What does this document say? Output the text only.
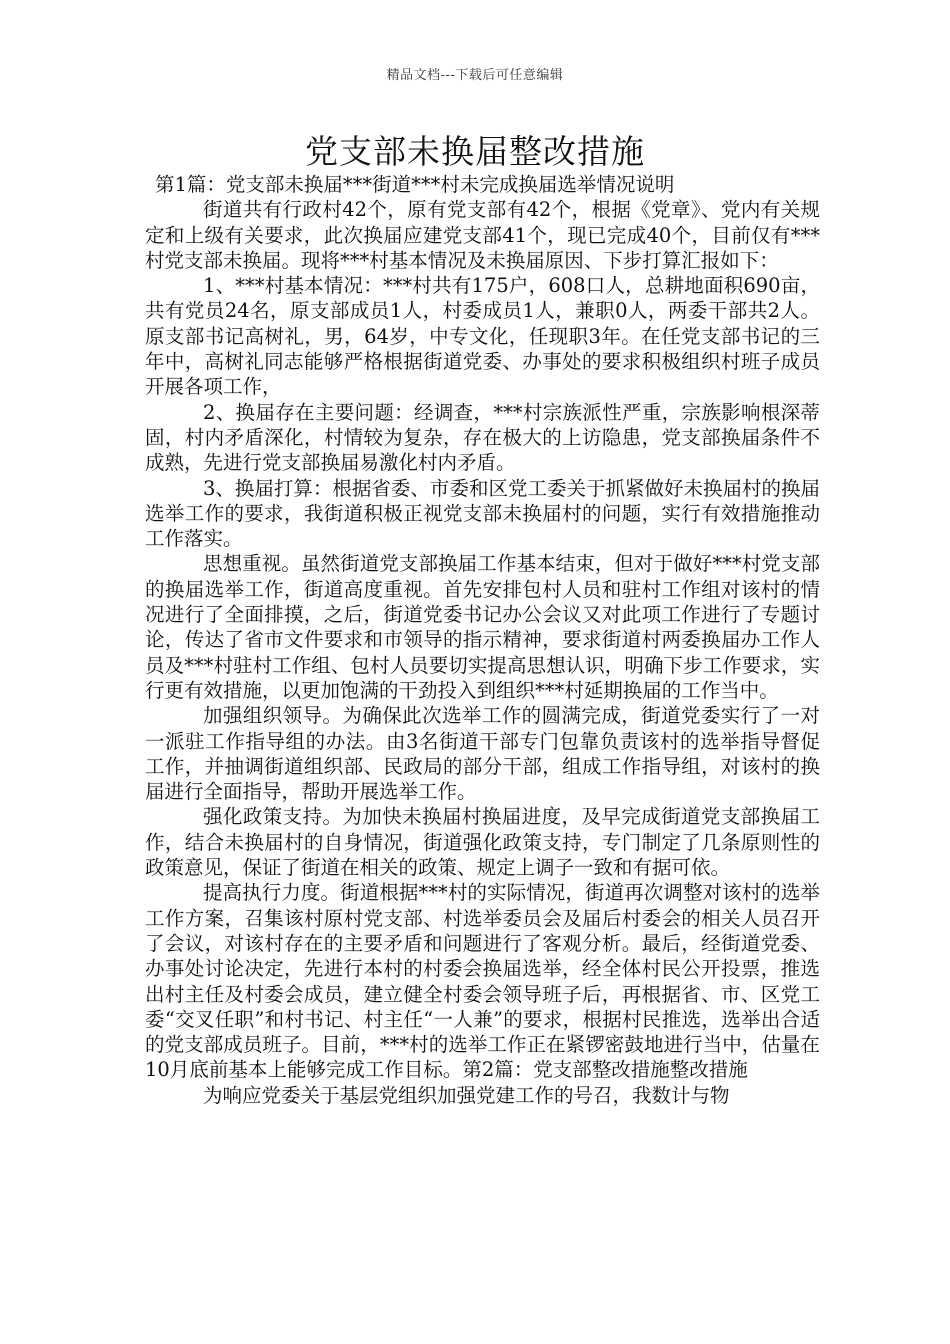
精品文档---下载后可任意编辑
党支部未换届整改措施

第1篇：党支部未换届***街道***村未完成换届选举情况说明

街道共有行政村42个，原有党支部有42个，根据《党章》、党内有关规定和上级有关要求，此次换届应建党支部41个，现已完成40个，目前仅有***村党支部未换届。现将***村基本情况及未换届原因、下步打算汇报如下：

1、***村基本情况：***村共有175户，608口人，总耕地面积690亩，共有党员24名，原支部成员1人，村委成员1人，兼职0人，两委干部共2人。原支部书记高树礼，男，64岁，中专文化，任现职3年。在任党支部书记的三年中，高树礼同志能够严格根据街道党委、办事处的要求积极组织村班子成员开展各项工作，

2、换届存在主要问题：经调查，***村宗族派性严重，宗族影响根深蒂固，村内矛盾深化，村情较为复杂，存在极大的上访隐患，党支部换届条件不成熟，先进行党支部换届易激化村内矛盾。

3、换届打算：根据省委、市委和区党工委关于抓紧做好未换届村的换届选举工作的要求，我街道积极正视党支部未换届村的问题，实行有效措施推动工作落实。

思想重视。虽然街道党支部换届工作基本结束，但对于做好***村党支部的换届选举工作，街道高度重视。首先安排包村人员和驻村工作组对该村的情况进行了全面排摸，之后，街道党委书记办公会议又对此项工作进行了专题讨论，传达了省市文件要求和市领导的指示精神，要求街道村两委换届办工作人员及***村驻村工作组、包村人员要切实提高思想认识，明确下步工作要求，实行更有效措施，以更加饱满的干劲投入到组织***村延期换届的工作当中。

加强组织领导。为确保此次选举工作的圆满完成，街道党委实行了一对一派驻工作指导组的办法。由3名街道干部专门包靠负责该村的选举指导督促工作，并抽调街道组织部、民政局的部分干部，组成工作指导组，对该村的换届进行全面指导，帮助开展选举工作。

强化政策支持。为加快未换届村换届进度，及早完成街道党支部换届工作，结合未换届村的自身情况，街道强化政策支持，专门制定了几条原则性的政策意见，保证了街道在相关的政策、规定上调子一致和有据可依。

提高执行力度。街道根据***村的实际情况，街道再次调整对该村的选举工作方案，召集该村原村党支部、村选举委员会及届后村委会的相关人员召开了会议，对该村存在的主要矛盾和问题进行了客观分析。最后，经街道党委、办事处讨论决定，先进行本村的村委会换届选举，经全体村民公开投票，推选出村主任及村委会成员，建立健全村委会领导班子后，再根据省、市、区党工委“交叉任职”和村书记、村主任“一人兼”的要求，根据村民推选，选举出合适的党支部成员班子。目前，***村的选举工作正在紧锣密鼓地进行当中，估量在10月底前基本上能够完成工作目标。第2篇：党支部整改措施整改措施

为响应党委关于基层党组织加强党建工作的号召，我数计与物
